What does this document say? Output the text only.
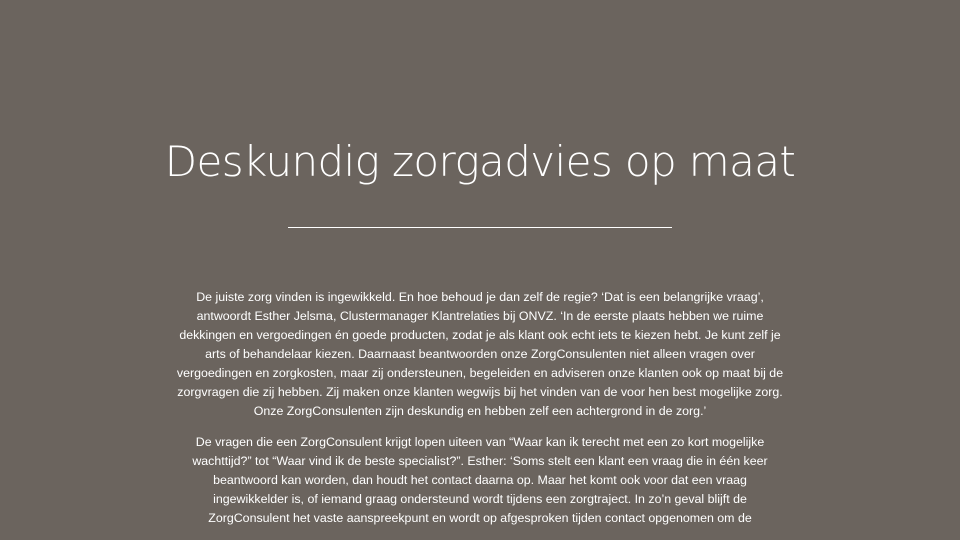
Deskundig zorgadvies op maat

De juiste zorg vinden is ingewikkeld. En hoe behoud je dan zelf de regie? ‘Dat is een belangrijke vraag’, antwoordt Esther Jelsma, Clustermanager Klantrelaties bij ONVZ. ‘In de eerste plaats hebben we ruime dekkingen en vergoedingen én goede producten, zodat je als klant ook echt iets te kiezen hebt. Je kunt zelf je arts of behandelaar kiezen. Daarnaast beantwoorden onze ZorgConsulenten niet alleen vragen over vergoedingen en zorgkosten, maar zij ondersteunen, begeleiden en adviseren onze klanten ook op maat bij de zorgvragen die zij hebben. Zij maken onze klanten wegwijs bij het vinden van de voor hen best mogelijke zorg. Onze ZorgConsulenten zijn deskundig en hebben zelf een achtergrond in de zorg.’

De vragen die een ZorgConsulent krijgt lopen uiteen van “Waar kan ik terecht met een zo kort mogelijke wachttijd?” tot “Waar vind ik de beste specialist?”. Esther: ‘Soms stelt een klant een vraag die in één keer beantwoord kan worden, dan houdt het contact daarna op. Maar het komt ook voor dat een vraag ingewikkelder is, of iemand graag ondersteund wordt tijdens een zorgtraject. In zo’n geval blijft de ZorgConsulent het vaste aanspreekpunt en wordt op afgesproken tijden contact opgenomen om de
